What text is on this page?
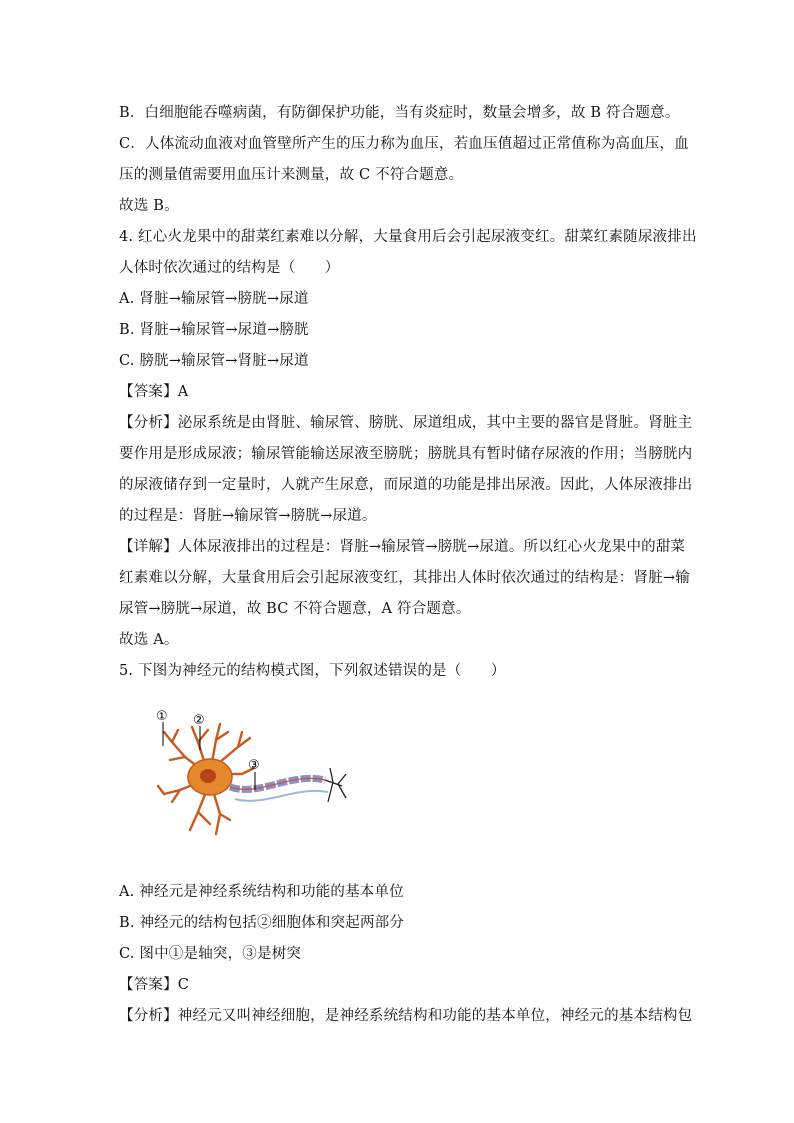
B．白细胞能吞噬病菌，有防御保护功能，当有炎症时，数量会增多，故 B 符合题意。
C．人体流动血液对血管壁所产生的压力称为血压，若血压值超过正常值称为高血压，血
压的测量值需要用血压计来测量，故 C 不符合题意。
故选 B。
4. 红心火龙果中的甜菜红素难以分解，大量食用后会引起尿液变红。甜菜红素随尿液排出
人体时依次通过的结构是（　　）
A. 肾脏→输尿管→膀胱→尿道
B. 肾脏→输尿管→尿道→膀胱
C. 膀胱→输尿管→肾脏→尿道
【答案】A
【分析】泌尿系统是由肾脏、输尿管、膀胱、尿道组成，其中主要的器官是肾脏。肾脏主
要作用是形成尿液；输尿管能输送尿液至膀胱；膀胱具有暂时储存尿液的作用；当膀胱内
的尿液储存到一定量时，人就产生尿意，而尿道的功能是排出尿液。因此，人体尿液排出
的过程是：肾脏→输尿管→膀胱→尿道。
【详解】人体尿液排出的过程是：肾脏→输尿管→膀胱→尿道。所以红心火龙果中的甜菜
红素难以分解，大量食用后会引起尿液变红，其排出人体时依次通过的结构是：肾脏→输
尿管→膀胱→尿道，故 BC 不符合题意，A 符合题意。
故选 A。
5. 下图为神经元的结构模式图，下列叙述错误的是（　　）
① ②
③
A. 神经元是神经系统结构和功能的基本单位
B. 神经元的结构包括②细胞体和突起两部分
C. 图中①是轴突，③是树突
【答案】C
【分析】神经元又叫神经细胞，是神经系统结构和功能的基本单位，神经元的基本结构包
